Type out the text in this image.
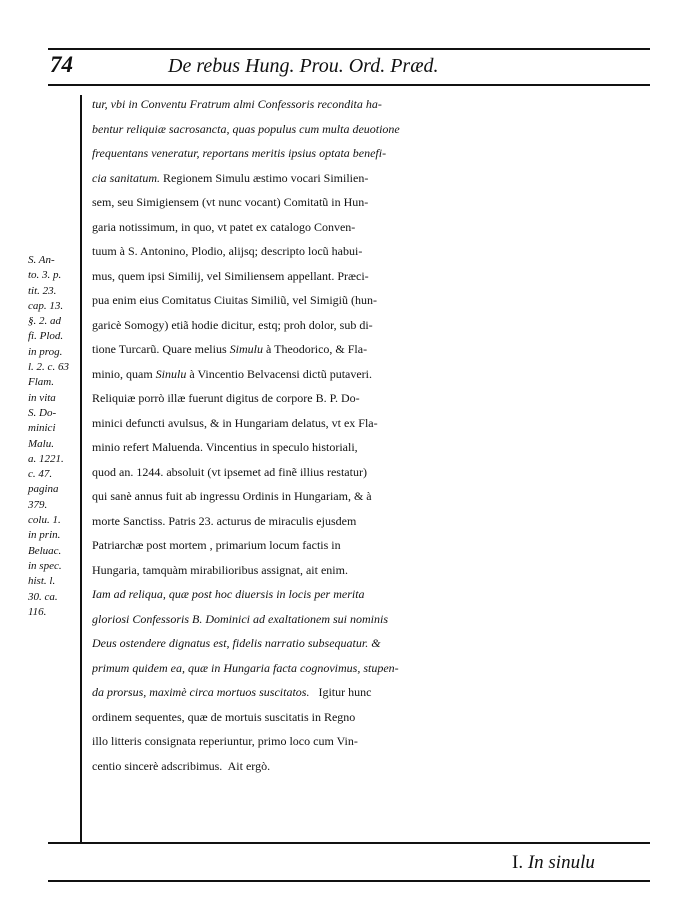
74	De rebus Hung. Prou. Ord. Præd.
S. An-
to. 3. p.
tit. 23.
cap. 13.
§. 2. ad
fi. Plod.
in prog.
l. 2. c. 63
Flam.
in vita
S. Do-
minici
Malu.
a. 1221.
c. 47.
pagina
379.
colu. 1.
in prin.
Beluac.
in spec.
hist. l.
30. ca.
116.
tur, vbi in Conventu Fratrum almi Confessoris recondita ha-
bentur reliquiæ sacrosancta, quas populus cum multa deuotione
frequentans veneratur, reportans meritis ipsius optata benefi-
cia sanitatum. Regionem Simulu æstimo vocari Similien-
sem, seu Simigiensem (vt nunc vocant) Comitatũ in Hun-
garia notissimum, in quo, vt patet ex catalogo Conven-
tuum à S. Antonino, Plodio, alijsq; descripto locũ habui-
mus, quem ipsi Similij, vel Similiensem appellant. Præci-
pua enim eius Comitatus Ciuitas Similiũ, vel Simigiũ (hun-
garicè Somogy) etiã hodie dicitur, estq; proh dolor, sub di-
tione Turcarũ. Quare melius Simulu à Theodorico, & Fla-
minio, quam Sinulu à Vincentio Belvacensi dictũ putaveri.
Reliquiæ porrò illæ fuerunt digitus de corpore B. P. Do-
minici defuncti avulsus, & in Hungariam delatus, vt ex Fla-
minio refert Maluenda. Vincentius in speculo historiali,
quod an. 1244. absoluit (vt ipsemet ad finẽ illius restatur)
qui sanè annus fuit ab ingressu Ordinis in Hungariam, & à
morte Sanctiss. Patris 23. acturus de miraculis ejusdem
Patriarchæ post mortem , primarium locum factis in
Hungaria, tamquàm mirabilioribus assignat, ait enim.
Iam ad reliqua, quæ post hoc diuersis in locis per merita
gloriosi Confessoris B. Dominici ad exaltationem sui nominis
Deus ostendere dignatus est, fidelis narratio subsequatur. &
primum quidem ea, quæ in Hungaria facta cognovimus, stupen-
da prorsus, maximè circa mortuos suscitatos.   Igitur hunc
ordinem sequentes, quæ de mortuis suscitatis in Regno
illo litteris consignata reperiuntur, primo loco cum Vin-
centio sincerè adscribimus.  Ait ergò.
I. In sinulu
